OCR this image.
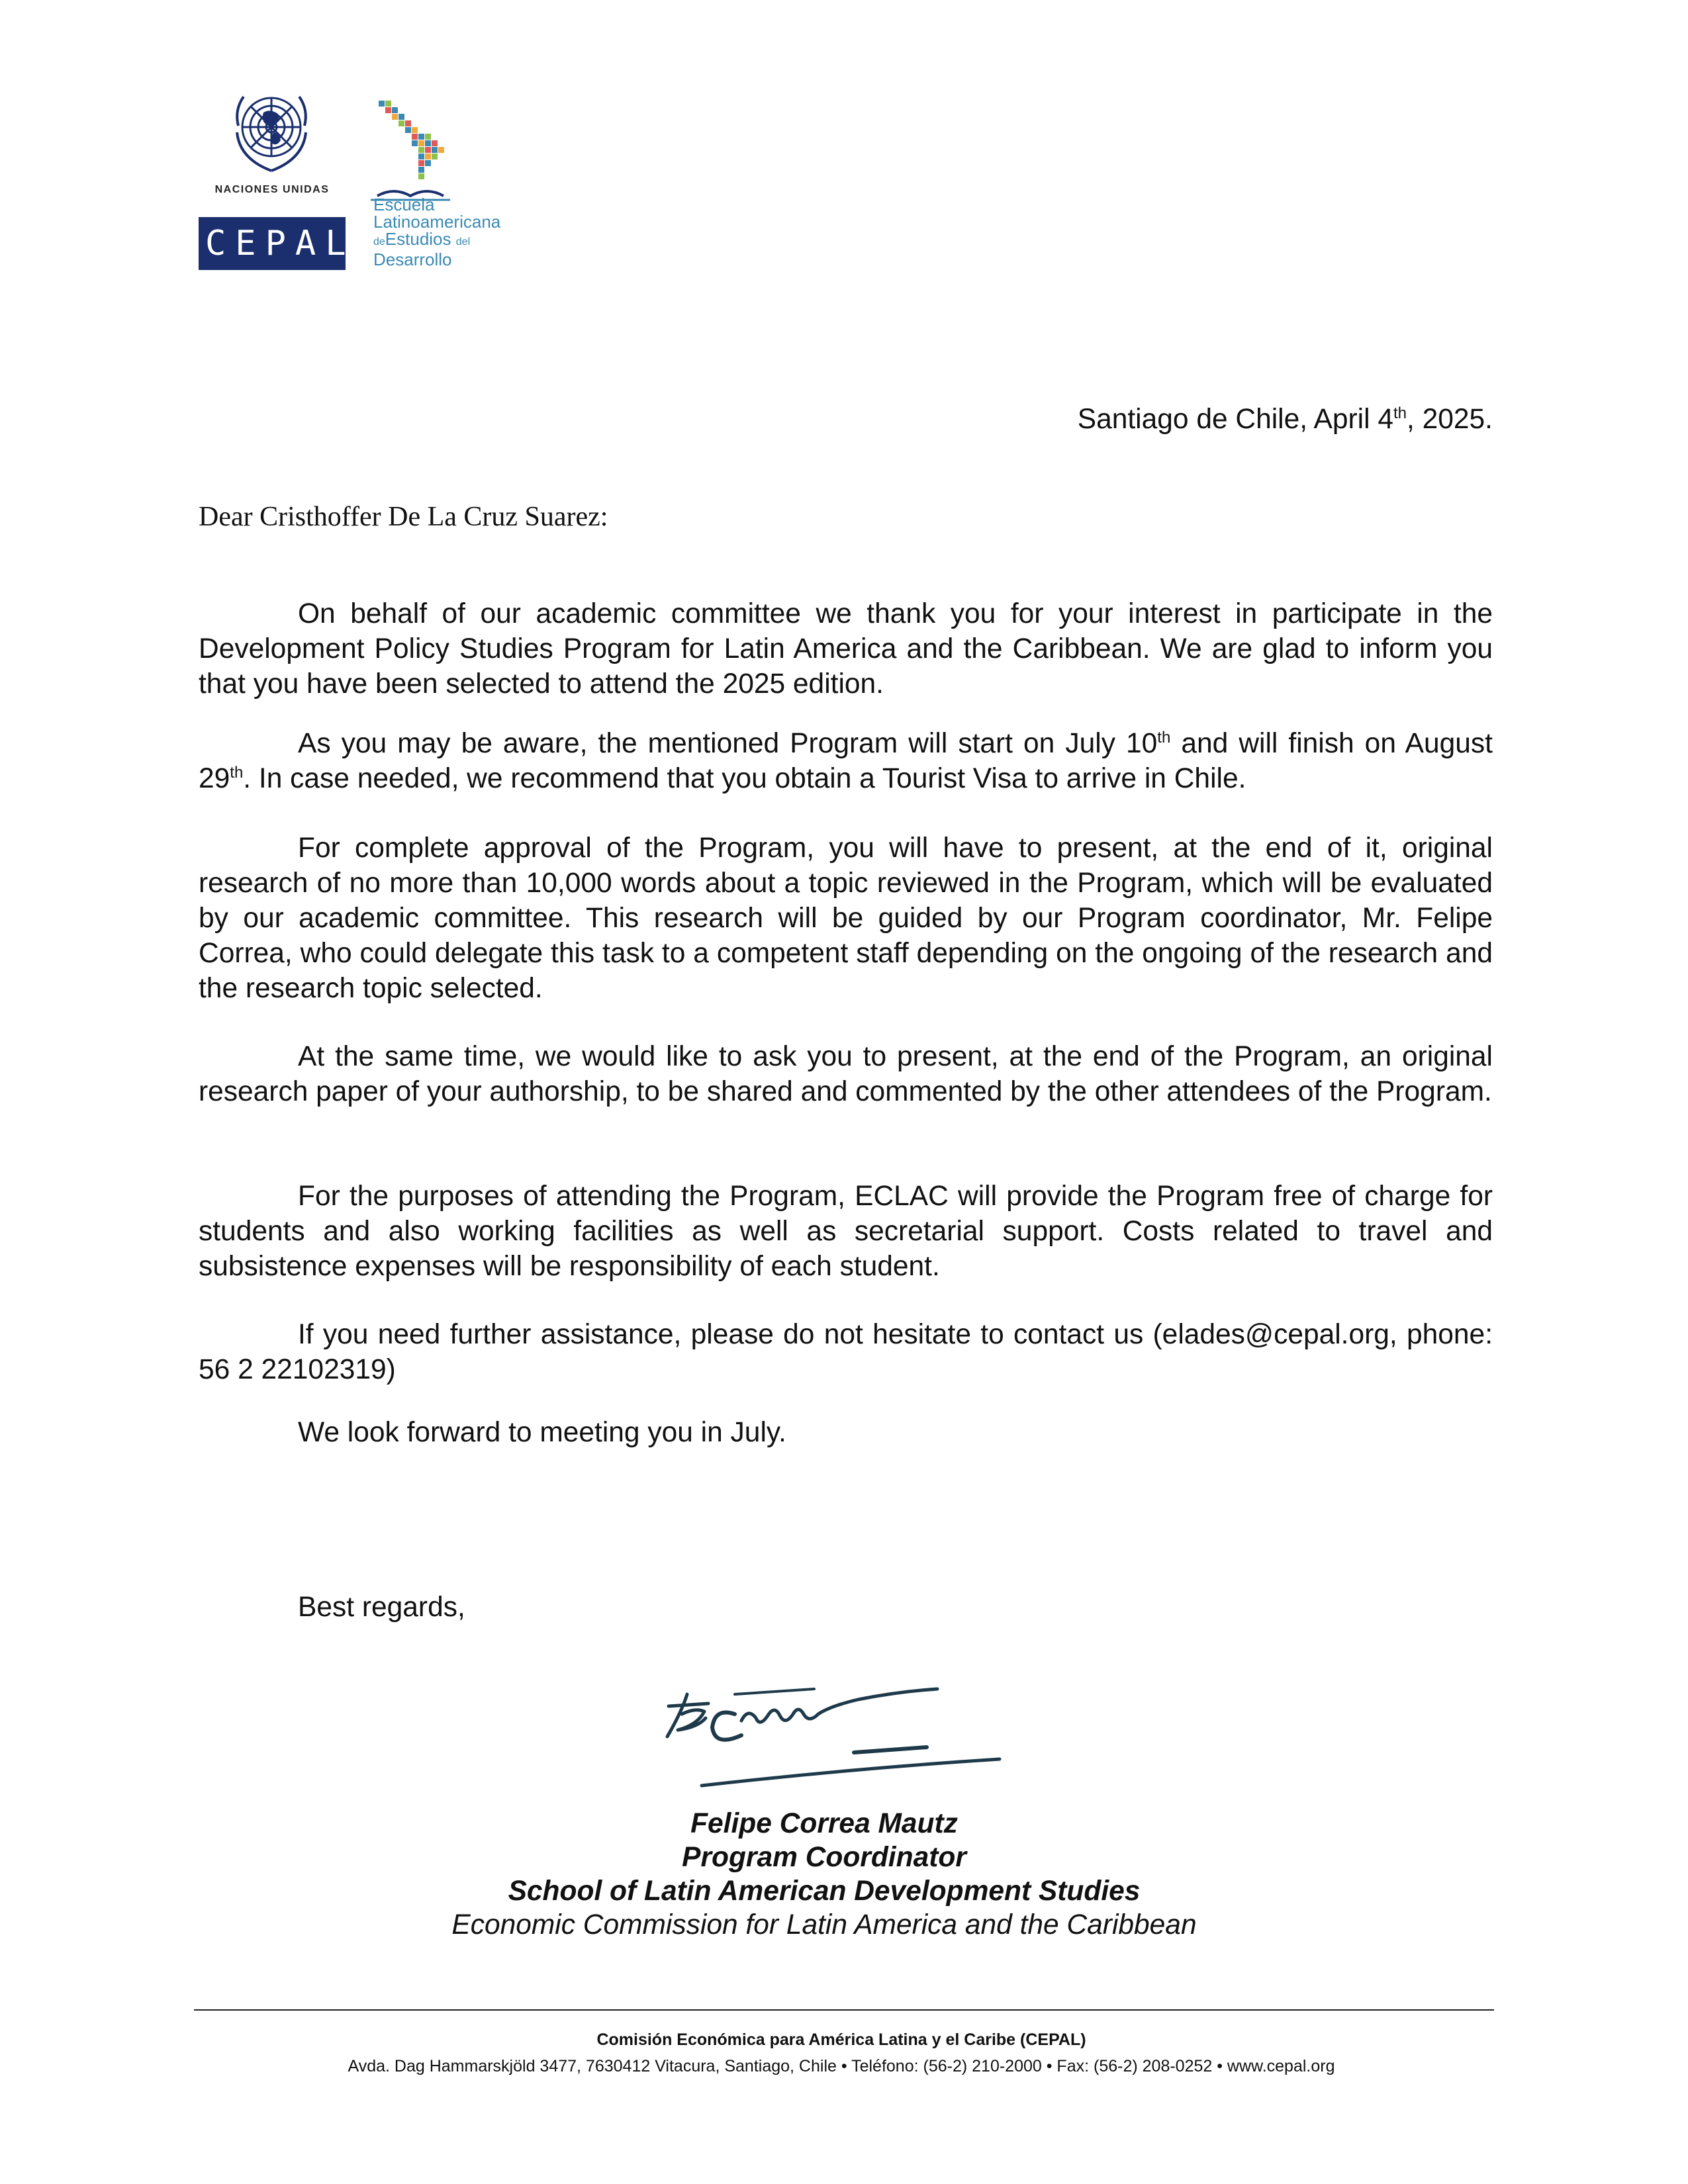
NACIONES UNIDAS
CEPAL
Escuela
Latinoamericana
deEstudios del
Desarrollo
Santiago de Chile, April 4th, 2025.
Dear Cristhoffer De La Cruz Suarez:
On behalf of our academic committee we thank you for your interest in participate in the Development Policy Studies Program for Latin America and the Caribbean. We are glad to inform you that you have been selected to attend the 2025 edition.
As you may be aware, the mentioned Program will start on July 10th and will finish on August 29th. In case needed, we recommend that you obtain a Tourist Visa to arrive in Chile.
For complete approval of the Program, you will have to present, at the end of it, original research of no more than 10,000 words about a topic reviewed in the Program, which will be evaluated by our academic committee. This research will be guided by our Program coordinator, Mr. Felipe Correa, who could delegate this task to a competent staff depending on the ongoing of the research and the research topic selected.
At the same time, we would like to ask you to present, at the end of the Program, an original research paper of your authorship, to be shared and commented by the other attendees of the Program.
For the purposes of attending the Program, ECLAC will provide the Program free of charge for students and also working facilities as well as secretarial support. Costs related to travel and subsistence expenses will be responsibility of each student.
If you need further assistance, please do not hesitate to contact us (elades@cepal.org, phone: 56 2 22102319)
We look forward to meeting you in July.
Best regards,
Felipe Correa Mautz
Program Coordinator
School of Latin American Development Studies
Economic Commission for Latin America and the Caribbean
Comisión Económica para América Latina y el Caribe (CEPAL)
Avda. Dag Hammarskjöld 3477, 7630412 Vitacura, Santiago, Chile • Teléfono: (56-2) 210-2000 • Fax: (56-2) 208-0252 • www.cepal.org
